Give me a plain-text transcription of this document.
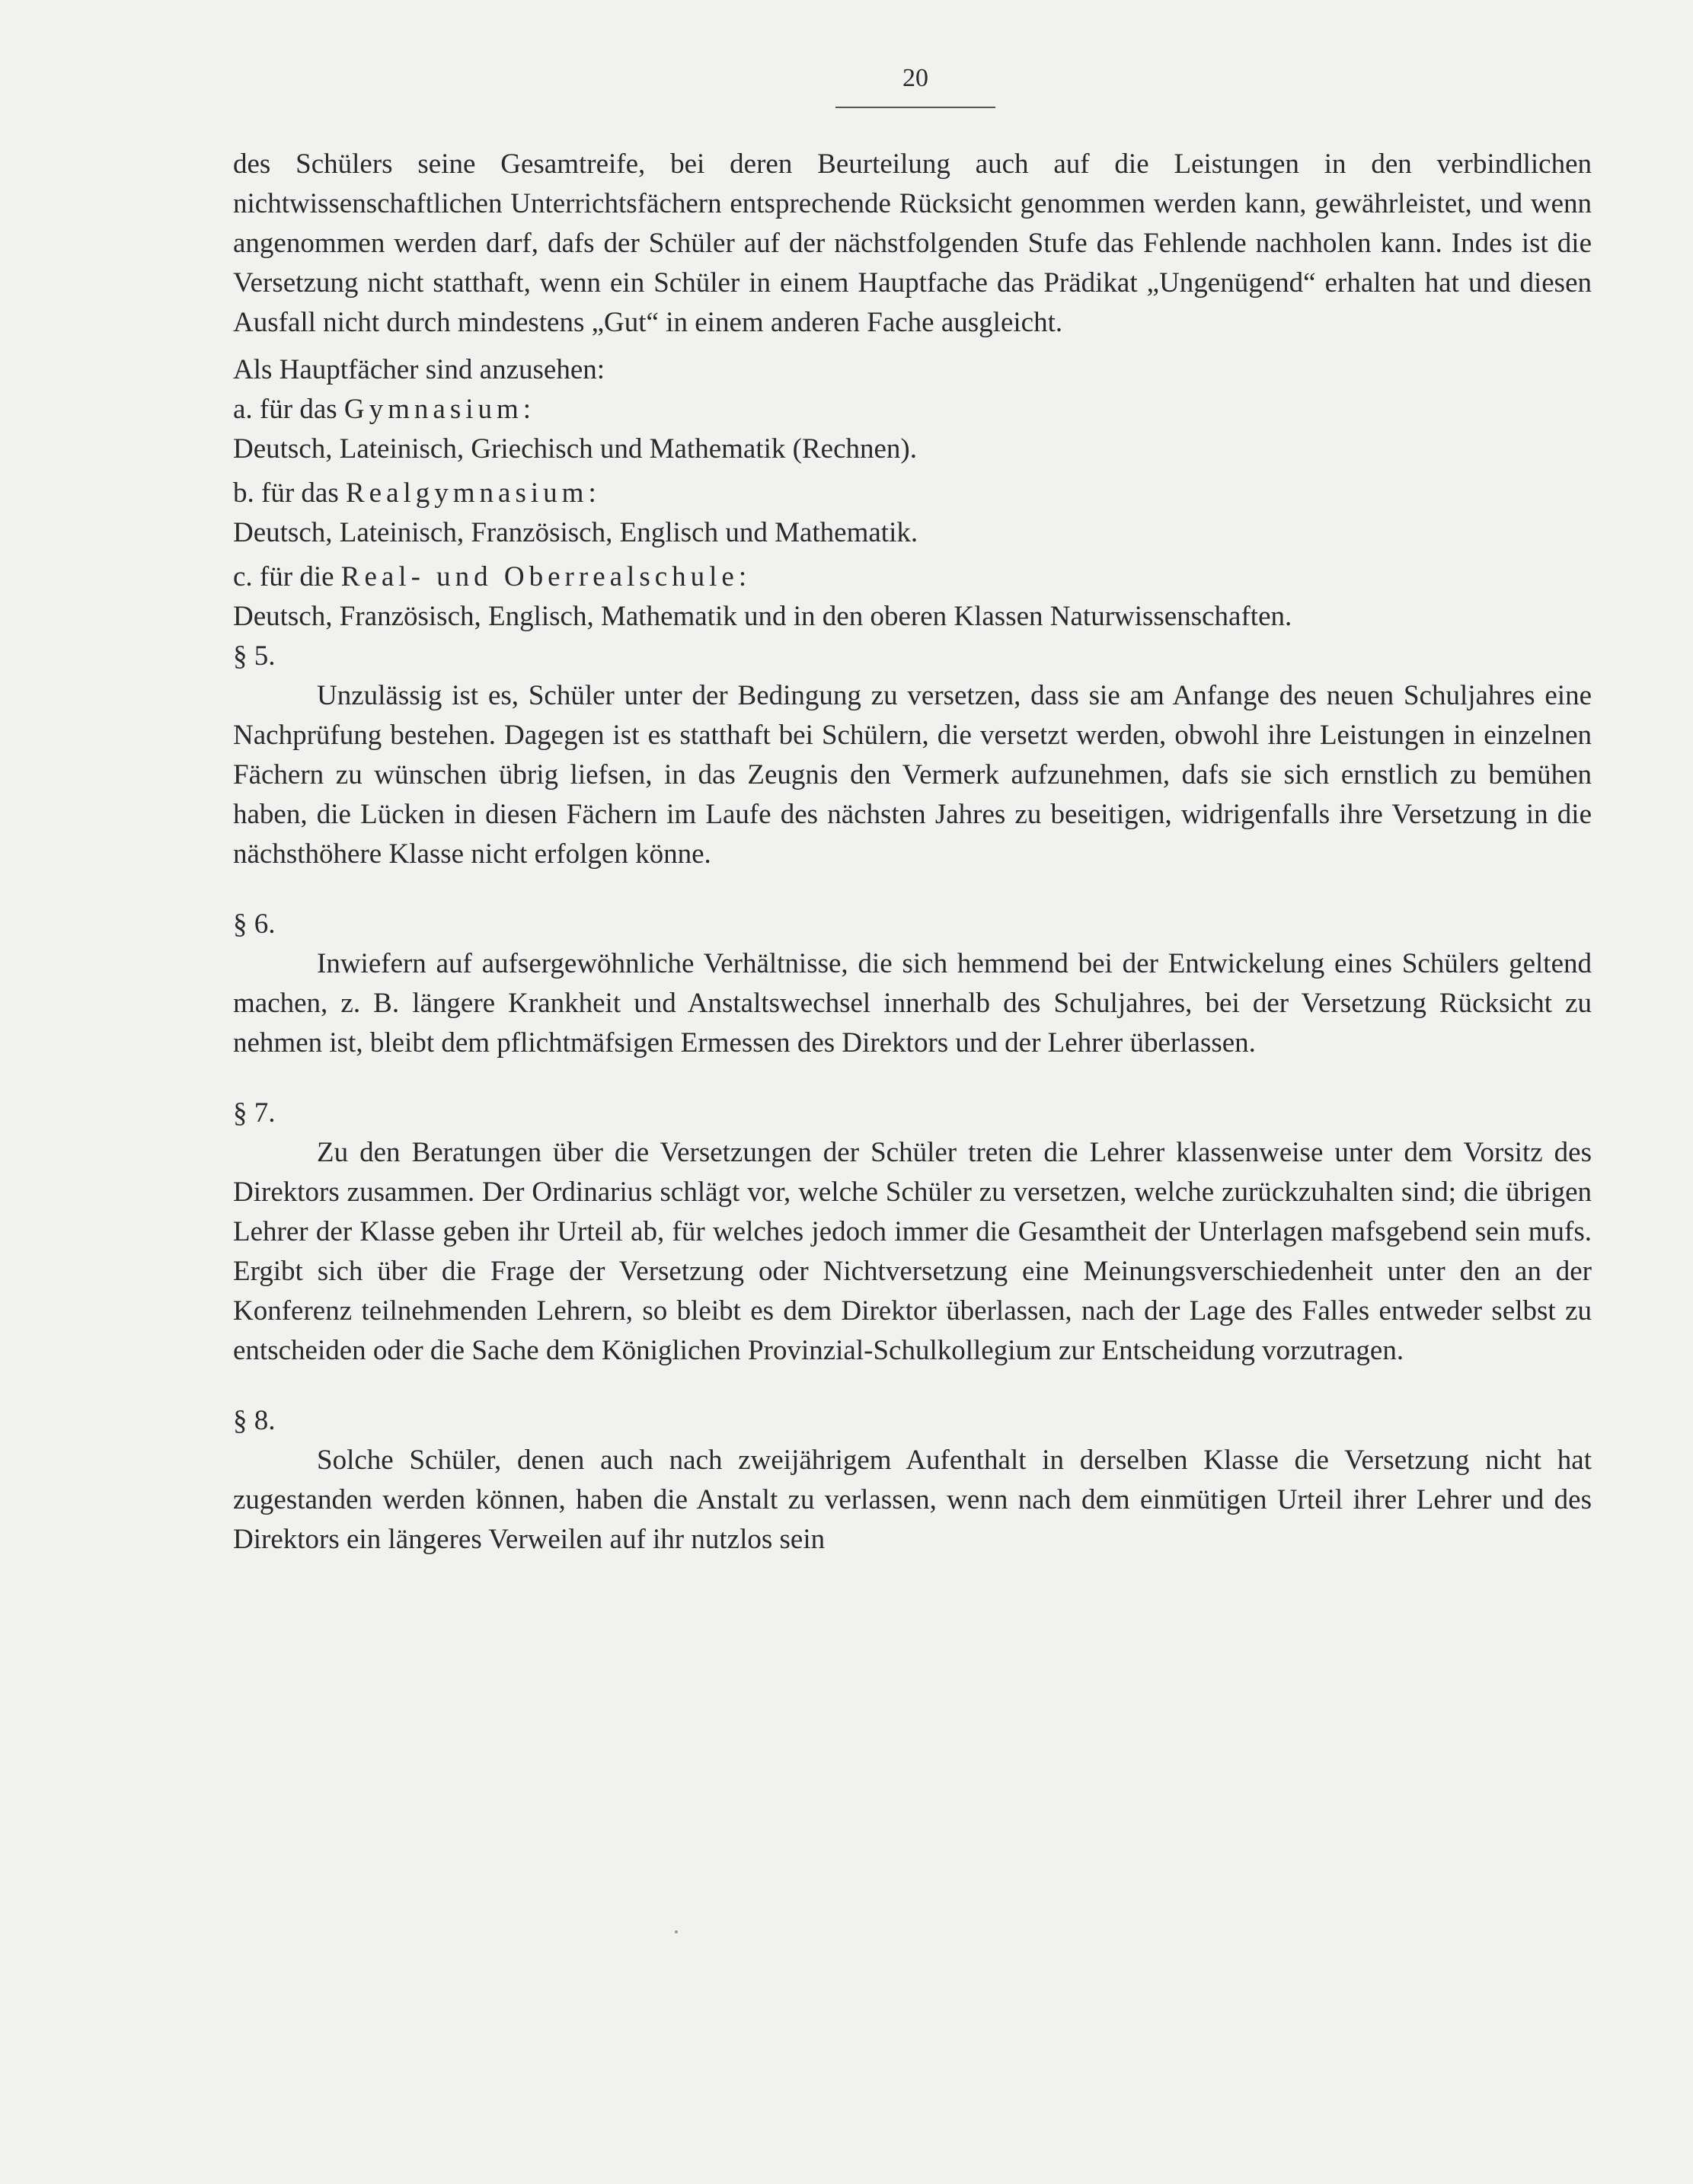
20

des Schülers seine Gesamtreife, bei deren Beurteilung auch auf die Leistungen in den verbindlichen nichtwissenschaftlichen Unterrichtsfächern entsprechende Rücksicht genommen werden kann, gewährleistet, und wenn angenommen werden darf, dafs der Schüler auf der nächstfolgenden Stufe das Fehlende nachholen kann. Indes ist die Versetzung nicht statthaft, wenn ein Schüler in einem Hauptfache das Prädikat „Ungenügend“ erhalten hat und diesen Ausfall nicht durch mindestens „Gut“ in einem anderen Fache ausgleicht.

Als Hauptfächer sind anzusehen:

a. für das Gymnasium:

Deutsch, Lateinisch, Griechisch und Mathematik (Rechnen).

b. für das Realgymnasium:

Deutsch, Lateinisch, Französisch, Englisch und Mathematik.

c. für die Real- und Oberrealschule:

Deutsch, Französisch, Englisch, Mathematik und in den oberen Klassen Naturwissenschaften.

§ 5.

Unzulässig ist es, Schüler unter der Bedingung zu versetzen, dass sie am Anfange des neuen Schuljahres eine Nachprüfung bestehen. Dagegen ist es statthaft bei Schülern, die versetzt werden, obwohl ihre Leistungen in einzelnen Fächern zu wünschen übrig liefsen, in das Zeugnis den Vermerk aufzunehmen, dafs sie sich ernstlich zu bemühen haben, die Lücken in diesen Fächern im Laufe des nächsten Jahres zu beseitigen, widrigenfalls ihre Versetzung in die nächsthöhere Klasse nicht erfolgen könne.

§ 6.

Inwiefern auf aufsergewöhnliche Verhältnisse, die sich hemmend bei der Entwickelung eines Schülers geltend machen, z. B. längere Krankheit und Anstaltswechsel innerhalb des Schuljahres, bei der Versetzung Rücksicht zu nehmen ist, bleibt dem pflichtmäfsigen Ermessen des Direktors und der Lehrer überlassen.

§ 7.

Zu den Beratungen über die Versetzungen der Schüler treten die Lehrer klassenweise unter dem Vorsitz des Direktors zusammen. Der Ordinarius schlägt vor, welche Schüler zu versetzen, welche zurückzuhalten sind; die übrigen Lehrer der Klasse geben ihr Urteil ab, für welches jedoch immer die Gesamtheit der Unterlagen mafsgebend sein mufs. Ergibt sich über die Frage der Versetzung oder Nichtversetzung eine Meinungsverschiedenheit unter den an der Konferenz teilnehmenden Lehrern, so bleibt es dem Direktor überlassen, nach der Lage des Falles entweder selbst zu entscheiden oder die Sache dem Königlichen Provinzial-Schulkollegium zur Entscheidung vorzutragen.

§ 8.

Solche Schüler, denen auch nach zweijährigem Aufenthalt in derselben Klasse die Versetzung nicht hat zugestanden werden können, haben die Anstalt zu verlassen, wenn nach dem einmütigen Urteil ihrer Lehrer und des Direktors ein längeres Verweilen auf ihr nutzlos sein
